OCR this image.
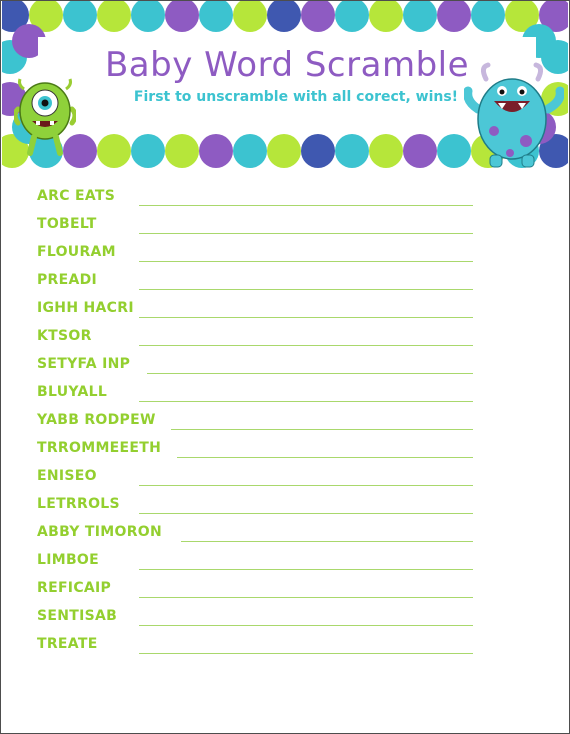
Baby Word Scramble
First to unscramble with all corect, wins!
ARC EATS
TOBELT
FLOURAM
PREADI
IGHH HACRI
KTSOR
SETYFA INP
BLUYALL
YABB RODPEW
TRROMMEEETH
ENISEO
LETRROLS
ABBY TIMORON
LIMBOE
REFICAIP
SENTISAB
TREATE
